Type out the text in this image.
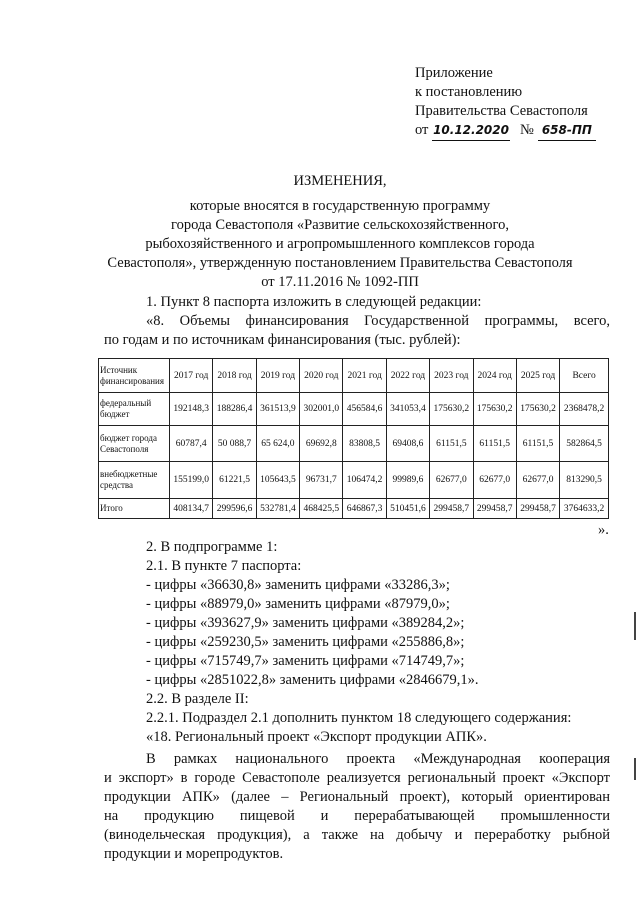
Приложение
к постановлению
Правительства Севастополя
от
10.12.2020 № 658-ПП
ИЗМЕНЕНИЯ,
которые вносятся в государственную программу
города Севастополя «Развитие сельскохозяйственного,
рыбохозяйственного и агропромышленного комплексов города
Севастополя», утвержденную постановлением Правительства Севастополя
от 17.11.2016 № 1092-ПП
1. Пункт 8 паспорта изложить в следующей редакции:
«8. Объемы финансирования Государственной программы, всего,
по годам и по источникам финансирования (тыс. рублей):
Источник финансирования	2017 год	2018 год	2019 год	2020 год	2021 год	2022 год	2023 год	2024 год	2025 год	Всего
федеральный бюджет	192148,3	188286,4	361513,9	302001,0	456584,6	341053,4	175630,2	175630,2	175630,2	2368478,2
бюджет города Севастополя	60787,4	50 088,7	65 624,0	69692,8	83808,5	69408,6	61151,5	61151,5	61151,5	582864,5
внебюджетные средства	155199,0	61221,5	105643,5	96731,7	106474,2	99989,6	62677,0	62677,0	62677,0	813290,5
Итого	408134,7	299596,6	532781,4	468425,5	646867,3	510451,6	299458,7	299458,7	299458,7	3764633,2
».
2. В подпрограмме 1:
2.1. В пункте 7 паспорта:
- цифры «36630,8» заменить цифрами «33286,3»;
- цифры «88979,0» заменить цифрами «87979,0»;
- цифры «393627,9» заменить цифрами «389284,2»;
- цифры «259230,5» заменить цифрами «255886,8»;
- цифры «715749,7» заменить цифрами «714749,7»;
- цифры «2851022,8» заменить цифрами «2846679,1».
2.2. В разделе II:
2.2.1. Подраздел 2.1 дополнить пунктом 18 следующего содержания:
«18. Региональный проект «Экспорт продукции АПК».
В рамках национального проекта «Международная кооперация
и экспорт» в городе Севастополе реализуется региональный проект «Экспорт
продукции АПК» (далее – Региональный проект), который ориентирован
на продукцию пищевой и перерабатывающей промышленности
(винодельческая продукция), а также на добычу и переработку рыбной
продукции и морепродуктов.
